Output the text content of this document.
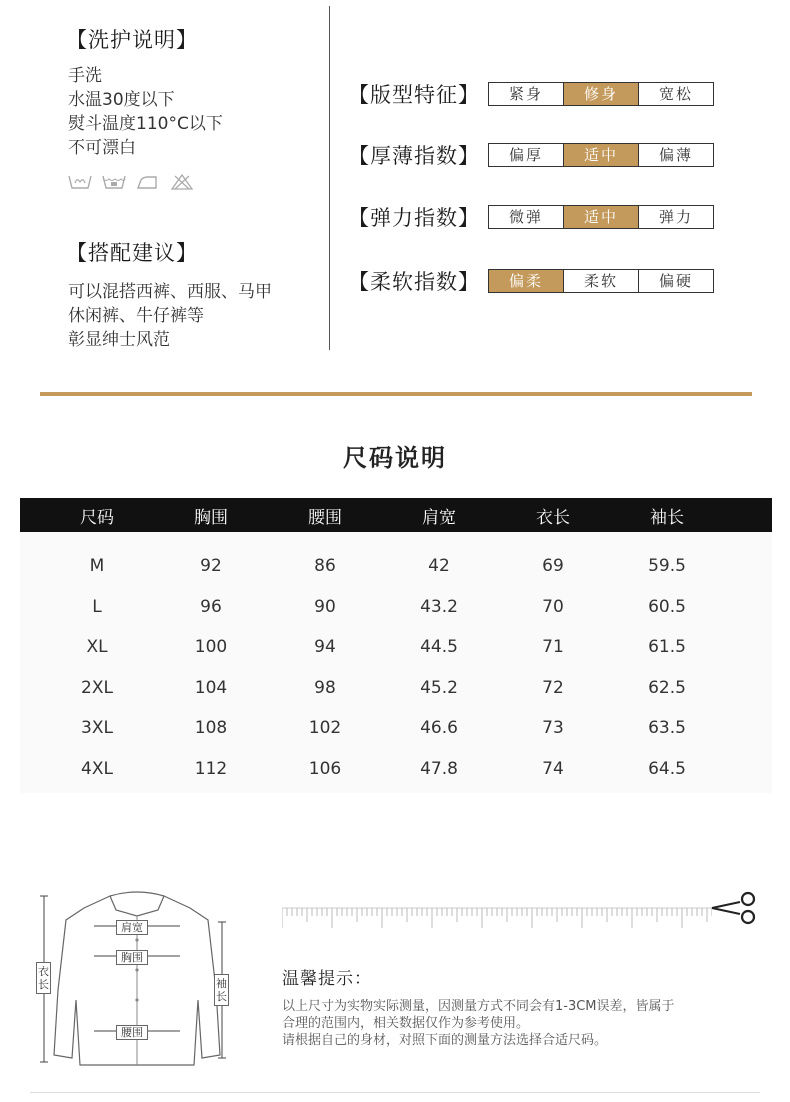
【洗护说明】
手洗
水温30度以下
熨斗温度110°C以下
不可漂白
【搭配建议】
可以混搭西裤、西服、马甲
休闲裤、牛仔裤等
彰显绅士风范
【版型特征】	紧身	修身	宽松
【厚薄指数】	偏厚	适中	偏薄
【弹力指数】	微弹	适中	弹力
【柔软指数】	偏柔	柔软	偏硬
尺码说明
尺码	胸围	腰围	肩宽	衣长	袖长
M	92	86	42	69	59.5
L	96	90	43.2	70	60.5
XL	100	94	44.5	71	61.5
2XL	104	98	45.2	72	62.5
3XL	108	102	46.6	73	63.5
4XL	112	106	47.8	74	64.5
肩宽
胸围
腰围
衣长	袖长
温馨提示：
以上尺寸为实物实际测量，因测量方式不同会有1-3CM误差，皆属于
合理的范围内，相关数据仅作为参考使用。
请根据自己的身材，对照下面的测量方法选择合适尺码。
